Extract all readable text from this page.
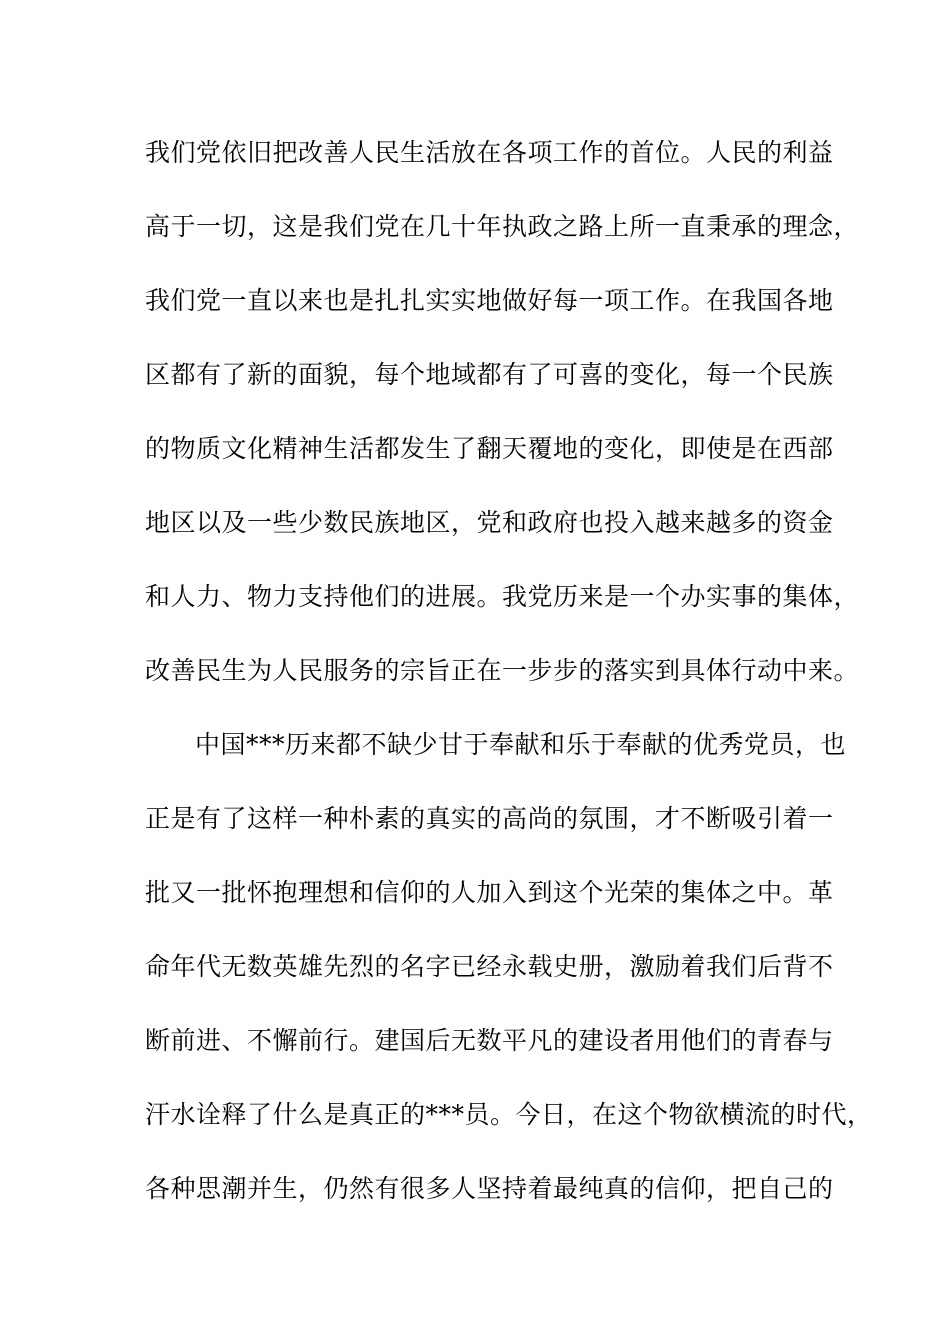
我们党依旧把改善人民生活放在各项工作的首位。人民的利益
高于一切，这是我们党在几十年执政之路上所一直秉承的理念，
我们党一直以来也是扎扎实实地做好每一项工作。在我国各地
区都有了新的面貌，每个地域都有了可喜的变化，每一个民族
的物质文化精神生活都发生了翻天覆地的变化，即使是在西部
地区以及一些少数民族地区，党和政府也投入越来越多的资金
和人力、物力支持他们的进展。我党历来是一个办实事的集体，
改善民生为人民服务的宗旨正在一步步的落实到具体行动中来。
中国***历来都不缺少甘于奉献和乐于奉献的优秀党员，也
正是有了这样一种朴素的真实的高尚的氛围，才不断吸引着一
批又一批怀抱理想和信仰的人加入到这个光荣的集体之中。革
命年代无数英雄先烈的名字已经永载史册，激励着我们后背不
断前进、不懈前行。建国后无数平凡的建设者用他们的青春与
汗水诠释了什么是真正的***员。今日，在这个物欲横流的时代，
各种思潮并生，仍然有很多人坚持着最纯真的信仰，把自己的
